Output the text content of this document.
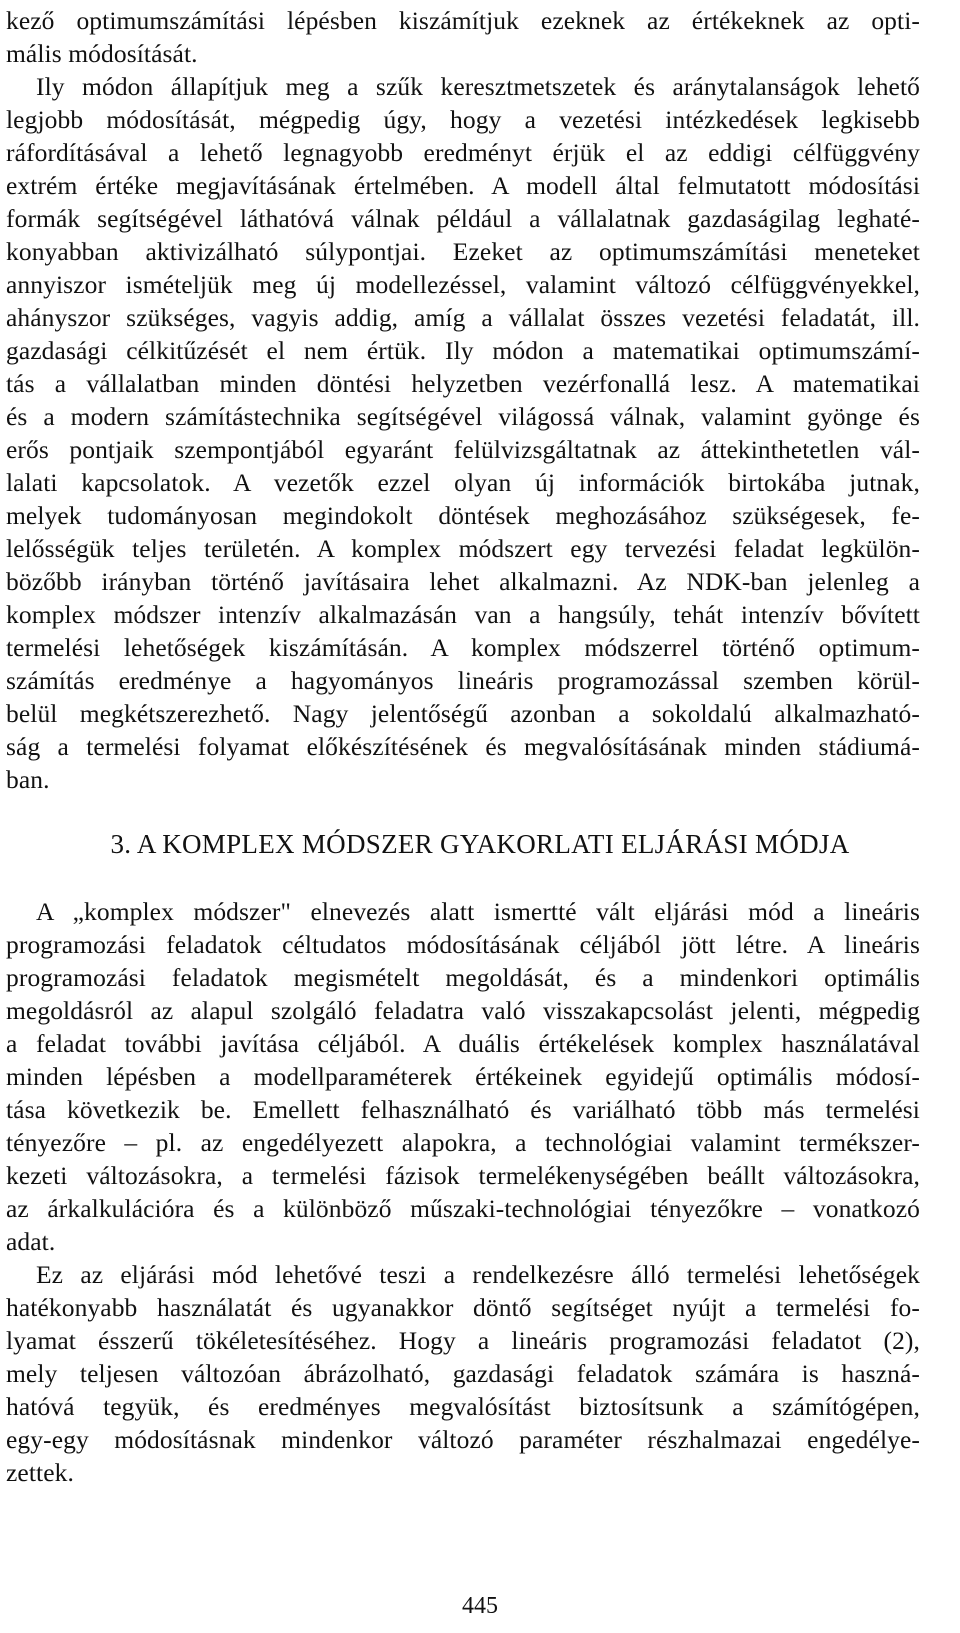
kező optimumszámítási lépésben kiszámítjuk ezeknek az értékeknek az opti-
mális módosítását.
Ily módon állapítjuk meg a szűk keresztmetszetek és aránytalanságok lehető
legjobb módosítását, mégpedig úgy, hogy a vezetési intézkedések legkisebb
ráfordításával a lehető legnagyobb eredményt érjük el az eddigi célfüggvény
extrém értéke megjavításának értelmében. A modell által felmutatott módosítási
formák segítségével láthatóvá válnak például a vállalatnak gazdaságilag leghaté-
konyabban aktivizálható súlypontjai. Ezeket az optimumszámítási meneteket
annyiszor ismételjük meg új modellezéssel, valamint változó célfüggvényekkel,
ahányszor szükséges, vagyis addig, amíg a vállalat összes vezetési feladatát, ill.
gazdasági célkitűzését el nem értük. Ily módon a matematikai optimumszámí-
tás a vállalatban minden döntési helyzetben vezérfonallá lesz. A matematikai
és a modern számítástechnika segítségével világossá válnak, valamint gyönge és
erős pontjaik szempontjából egyaránt felülvizsgáltatnak az áttekinthetetlen vál-
lalati kapcsolatok. A vezetők ezzel olyan új információk birtokába jutnak,
melyek tudományosan megindokolt döntések meghozásához szükségesek, fe-
lelősségük teljes területén. A komplex módszert egy tervezési feladat legkülön-
bözőbb irányban történő javításaira lehet alkalmazni. Az NDK-ban jelenleg a
komplex módszer intenzív alkalmazásán van a hangsúly, tehát intenzív bővített
termelési lehetőségek kiszámításán. A komplex módszerrel történő optimum-
számítás eredménye a hagyományos lineáris programozással szemben körül-
belül megkétszerezhető. Nagy jelentőségű azonban a sokoldalú alkalmazható-
ság a termelési folyamat előkészítésének és megvalósításának minden stádiumá-
ban.
3. A KOMPLEX MÓDSZER GYAKORLATI ELJÁRÁSI MÓDJA
A „komplex módszer" elnevezés alatt ismertté vált eljárási mód a lineáris
programozási feladatok céltudatos módosításának céljából jött létre. A lineáris
programozási feladatok megismételt megoldását, és a mindenkori optimális
megoldásról az alapul szolgáló feladatra való visszakapcsolást jelenti, mégpedig
a feladat további javítása céljából. A duális értékelések komplex használatával
minden lépésben a modellparaméterek értékeinek egyidejű optimális módosí-
tása következik be. Emellett felhasználható és variálható több más termelési
tényezőre – pl. az engedélyezett alapokra, a technológiai valamint termékszer-
kezeti változásokra, a termelési fázisok termelékenységében beállt változásokra,
az árkalkulációra és a különböző műszaki-technológiai tényezőkre – vonatkozó
adat.
Ez az eljárási mód lehetővé teszi a rendelkezésre álló termelési lehetőségek
hatékonyabb használatát és ugyanakkor döntő segítséget nyújt a termelési fo-
lyamat ésszerű tökéletesítéséhez. Hogy a lineáris programozási feladatot (2),
mely teljesen változóan ábrázolható, gazdasági feladatok számára is haszná-
hatóvá tegyük, és eredményes megvalósítást biztosítsunk a számítógépen,
egy-egy módosításnak mindenkor változó paraméter részhalmazai engedélye-
zettek.
445
